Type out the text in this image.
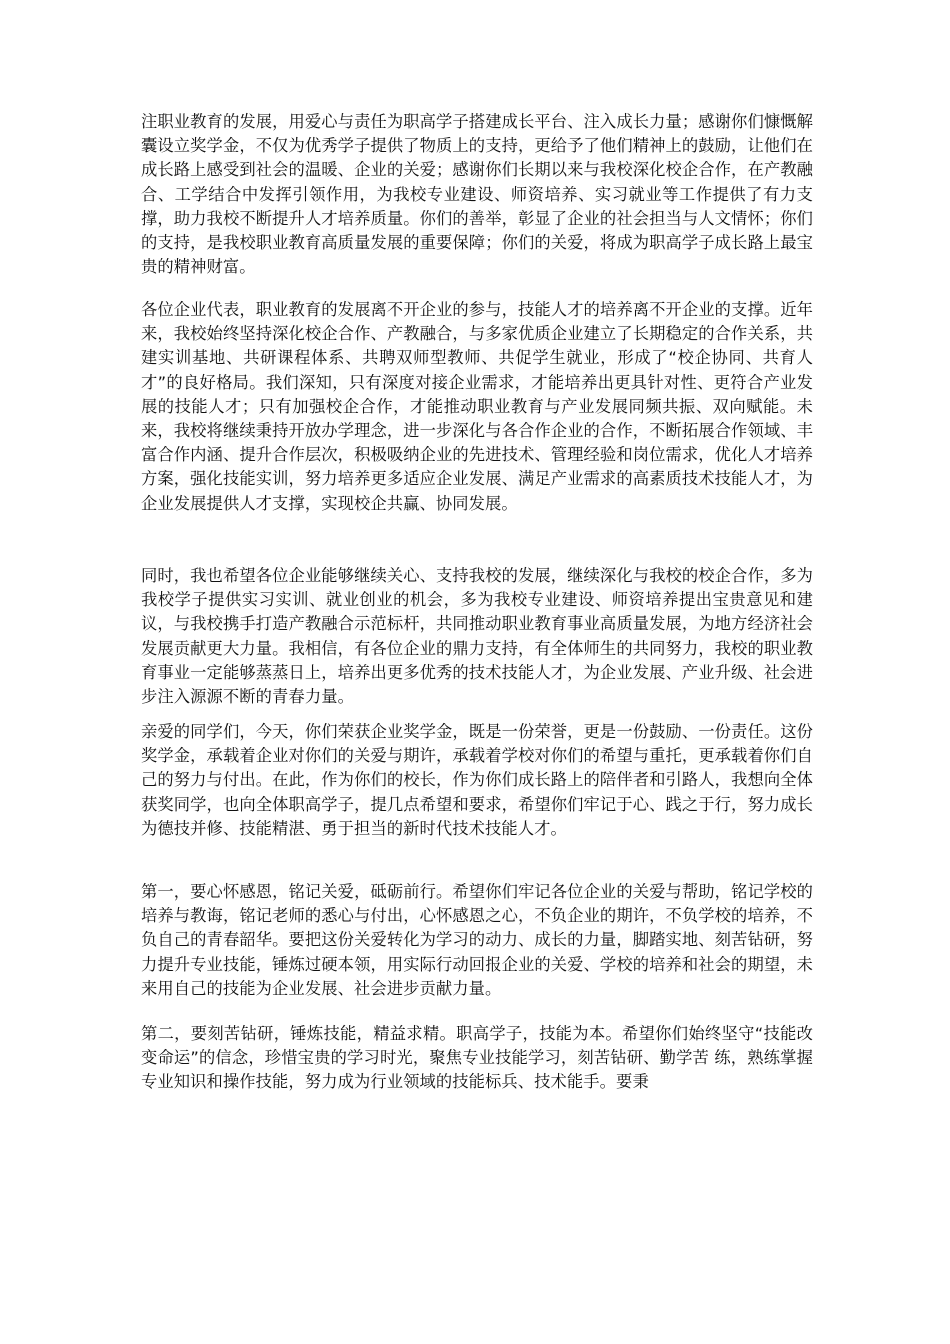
注职业教育的发展，用爱心与责任为职高学子搭建成长平台、注入成长力量；感谢你们慷慨解囊设立奖学金，不仅为优秀学子提供了物质上的支持，更给予了他们精神上的鼓励，让他们在成长路上感受到社会的温暖、企业的关爱；感谢你们长期以来与我校深化校企合作，在产教融合、工学结合中发挥引领作用，为我校专业建设、师资培养、实习就业等工作提供了有力支撑，助力我校不断提升人才培养质量。你们的善举，彰显了企业的社会担当与人文情怀；你们的支持，是我校职业教育高质量发展的重要保障；你们的关爱，将成为职高学子成长路上最宝贵的精神财富。

各位企业代表，职业教育的发展离不开企业的参与，技能人才的培养离不开企业的支撑。近年来，我校始终坚持深化校企合作、产教融合，与多家优质企业建立了长期稳定的合作关系，共建实训基地、共研课程体系、共聘双师型教师、共促学生就业，形成了“校企协同、共育人才”的良好格局。我们深知，只有深度对接企业需求，才能培养出更具针对性、更符合产业发展的技能人才；只有加强校企合作，才能推动职业教育与产业发展同频共振、双向赋能。未来，我校将继续秉持开放办学理念，进一步深化与各合作企业的合作，不断拓展合作领域、丰富合作内涵、提升合作层次，积极吸纳企业的先进技术、管理经验和岗位需求，优化人才培养方案，强化技能实训，努力培养更多适应企业发展、满足产业需求的高素质技术技能人才，为企业发展提供人才支撑，实现校企共赢、协同发展。

同时，我也希望各位企业能够继续关心、支持我校的发展，继续深化与我校的校企合作，多为我校学子提供实习实训、就业创业的机会，多为我校专业建设、师资培养提出宝贵意见和建议，与我校携手打造产教融合示范标杆，共同推动职业教育事业高质量发展，为地方经济社会发展贡献更大力量。我相信，有各位企业的鼎力支持，有全体师生的共同努力，我校的职业教育事业一定能够蒸蒸日上，培养出更多优秀的技术技能人才，为企业发展、产业升级、社会进步注入源源不断的青春力量。

亲爱的同学们，今天，你们荣获企业奖学金，既是一份荣誉，更是一份鼓励、一份责任。这份奖学金，承载着企业对你们的关爱与期许，承载着学校对你们的希望与重托，更承载着你们自己的努力与付出。在此，作为你们的校长，作为你们成长路上的陪伴者和引路人，我想向全体获奖同学，也向全体职高学子，提几点希望和要求，希望你们牢记于心、践之于行，努力成长为德技并修、技能精湛、勇于担当的新时代技术技能人才。

第一，要心怀感恩，铭记关爱，砥砺前行。希望你们牢记各位企业的关爱与帮助，铭记学校的培养与教诲，铭记老师的悉心与付出，心怀感恩之心，不负企业的期许，不负学校的培养，不负自己的青春韶华。要把这份关爱转化为学习的动力、成长的力量，脚踏实地、刻苦钻研，努力提升专业技能，锤炼过硬本领，用实际行动回报企业的关爱、学校的培养和社会的期望，未来用自己的技能为企业发展、社会进步贡献力量。

第二，要刻苦钻研，锤炼技能，精益求精。职高学子，技能为本。希望你们始终坚守“技能改变命运”的信念，珍惜宝贵的学习时光，聚焦专业技能学习，刻苦钻研、勤学苦 练，熟练掌握专业知识和操作技能，努力成为行业领域的技能标兵、技术能手。要秉
